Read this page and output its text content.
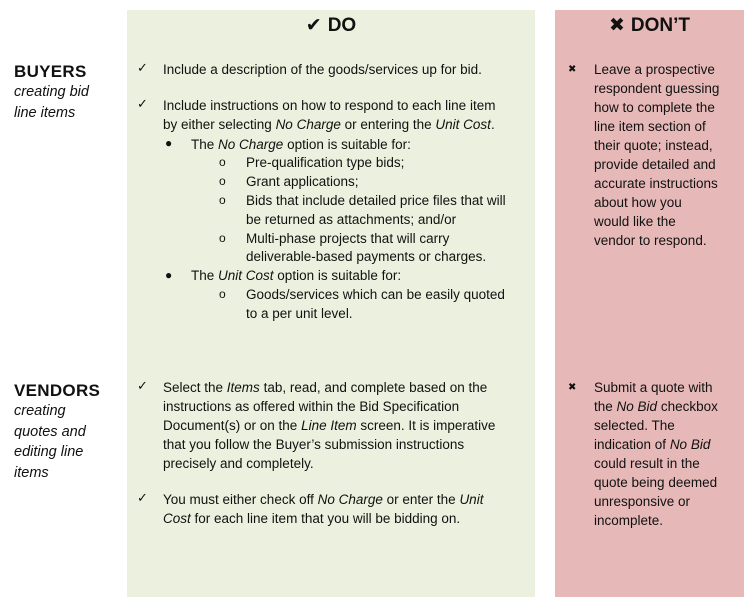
✔ DO	✖ DON’T
BUYERS
creating bid
line items
✓ Include a description of the goods/services up for bid.
✓ Include instructions on how to respond to each line item
by either selecting No Charge or entering the Unit Cost.
● The No Charge option is suitable for:
o Pre-qualification type bids;
o Grant applications;
o Bids that include detailed price files that will
be returned as attachments; and/or
o Multi-phase projects that will carry
deliverable-based payments or charges.
● The Unit Cost option is suitable for:
o Goods/services which can be easily quoted
to a per unit level.
✖ Leave a prospective
respondent guessing
how to complete the
line item section of
their quote; instead,
provide detailed and
accurate instructions
about how you
would like the
vendor to respond.
VENDORS
creating
quotes and
editing line
items
✓ Select the Items tab, read, and complete based on the
instructions as offered within the Bid Specification
Document(s) or on the Line Item screen. It is imperative
that you follow the Buyer’s submission instructions
precisely and completely.
✓ You must either check off No Charge or enter the Unit
Cost for each line item that you will be bidding on.
✖ Submit a quote with
the No Bid checkbox
selected. The
indication of No Bid
could result in the
quote being deemed
unresponsive or
incomplete.
